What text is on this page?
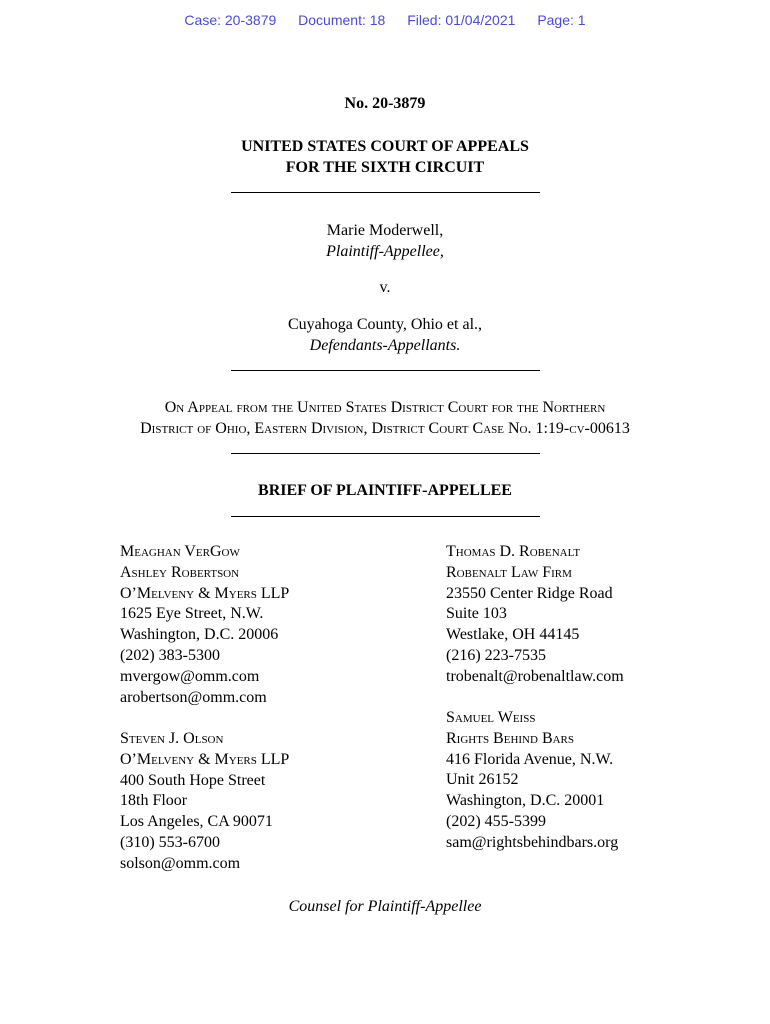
Case: 20-3879 Document: 18 Filed: 01/04/2021 Page: 1
No. 20-3879
UNITED STATES COURT OF APPEALS
FOR THE SIXTH CIRCUIT
Marie Moderwell,
Plaintiff-Appellee,
v.
Cuyahoga County, Ohio et al.,
Defendants-Appellants.
On Appeal from the United States District Court for the Northern
District of Ohio, Eastern Division, District Court Case No. 1:19-cv-00613
BRIEF OF PLAINTIFF-APPELLEE
Meaghan VerGow
Ashley Robertson
O’Melveny & Myers LLP
1625 Eye Street, N.W.
Washington, D.C. 20006
(202) 383-5300
mvergow@omm.com
arobertson@omm.com
Steven J. Olson
O’Melveny & Myers LLP
400 South Hope Street
18th Floor
Los Angeles, CA 90071
(310) 553-6700
solson@omm.com
Thomas D. Robenalt
Robenalt Law Firm
23550 Center Ridge Road
Suite 103
Westlake, OH 44145
(216) 223-7535
trobenalt@robenaltlaw.com
Samuel Weiss
Rights Behind Bars
416 Florida Avenue, N.W.
Unit 26152
Washington, D.C. 20001
(202) 455-5399
sam@rightsbehindbars.org
Counsel for Plaintiff-Appellee
